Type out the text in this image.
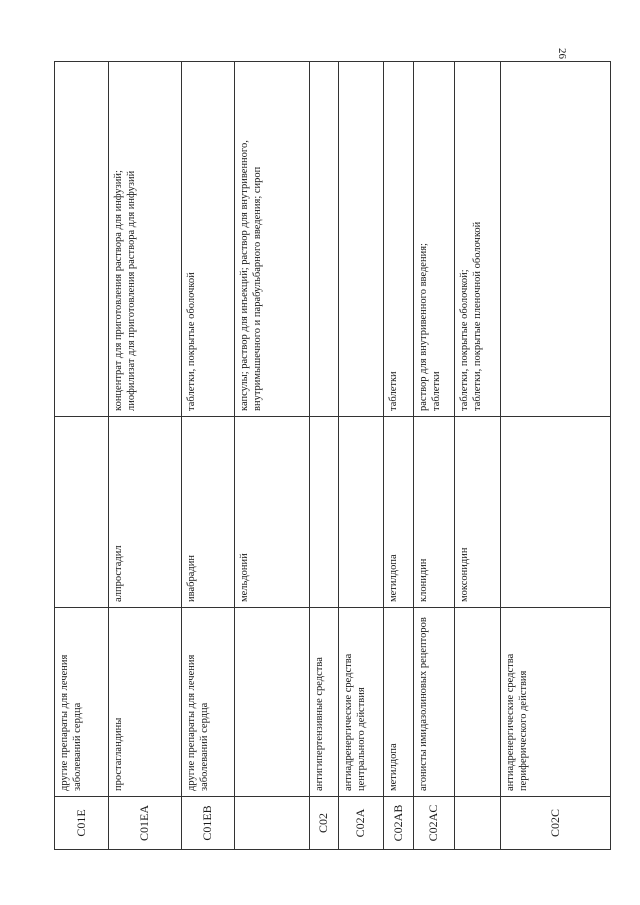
26
C01E	другие препараты для лечения заболеваний сердца		
C01EA	простагландины	алпростадил	концентрат для приготовления раствора для инфузий;
лиофилизат для приготовления раствора для инфузий
C01EB	другие препараты для лечения заболеваний сердца	ивабрадин	таблетки, покрытые оболочкой
		мельдоний	капсулы; раствор для инъекций; раствор для внутривенного, внутримышечного и парабульбарного введения; сироп
C02	антигипертензивные средства		
C02A	антиадренергические средства центрального действия		
C02AB	метилдопа	метилдопа	таблетки
C02AC	агонисты имидазолиновых рецепторов	клонидин	раствор для внутривенного введения;
таблетки
		моксонидин	таблетки, покрытые оболочкой;
таблетки, покрытые пленочной оболочкой
C02C	антиадренергические средства периферического действия		
